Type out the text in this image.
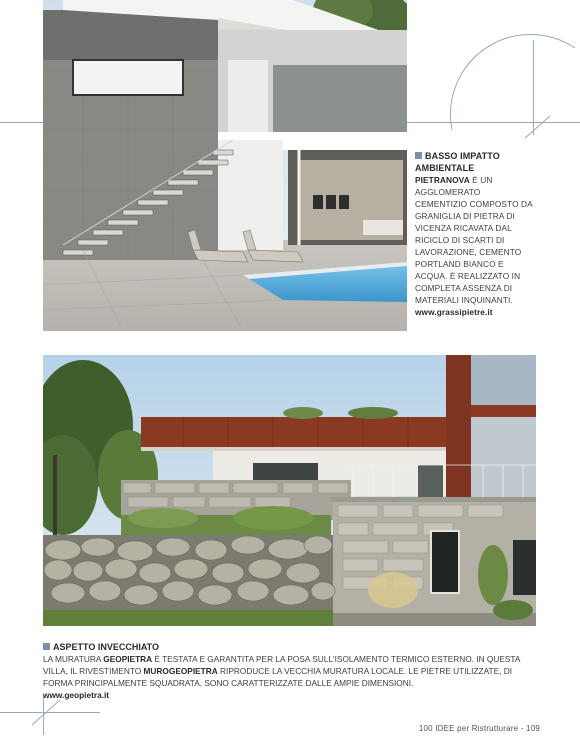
BASSO IMPATTO
AMBIENTALE
PIETRANOVA È UN AGGLOMERATO CEMENTIZIO COMPOSTO DA GRANIGLIA DI PIETRA DI VICENZA RICAVATA DAL RICICLO DI SCARTI DI LAVORAZIONE, CEMENTO PORTLAND BIANCO E ACQUA. È REALIZZATO IN COMPLETA ASSENZA DI MATERIALI INQUINANTI.
www.grassipietre.it
ASPETTO INVECCHIATO
LA MURATURA GEOPIETRA È TESTATA E GARANTITA PER LA POSA SULL'ISOLAMENTO TERMICO ESTERNO. IN QUESTA VILLA, IL RIVESTIMENTO MUROGEOPIETRA RIPRODUCE LA VECCHIA MURATURA LOCALE. LE PIETRE UTILIZZATE, DI FORMA PRINCIPALMENTE SQUADRATA, SONO CARATTERIZZATE DALLE AMPIE DIMENSIONI.
www.geopietra.it
100 IDEE per Ristrutturare - 109
